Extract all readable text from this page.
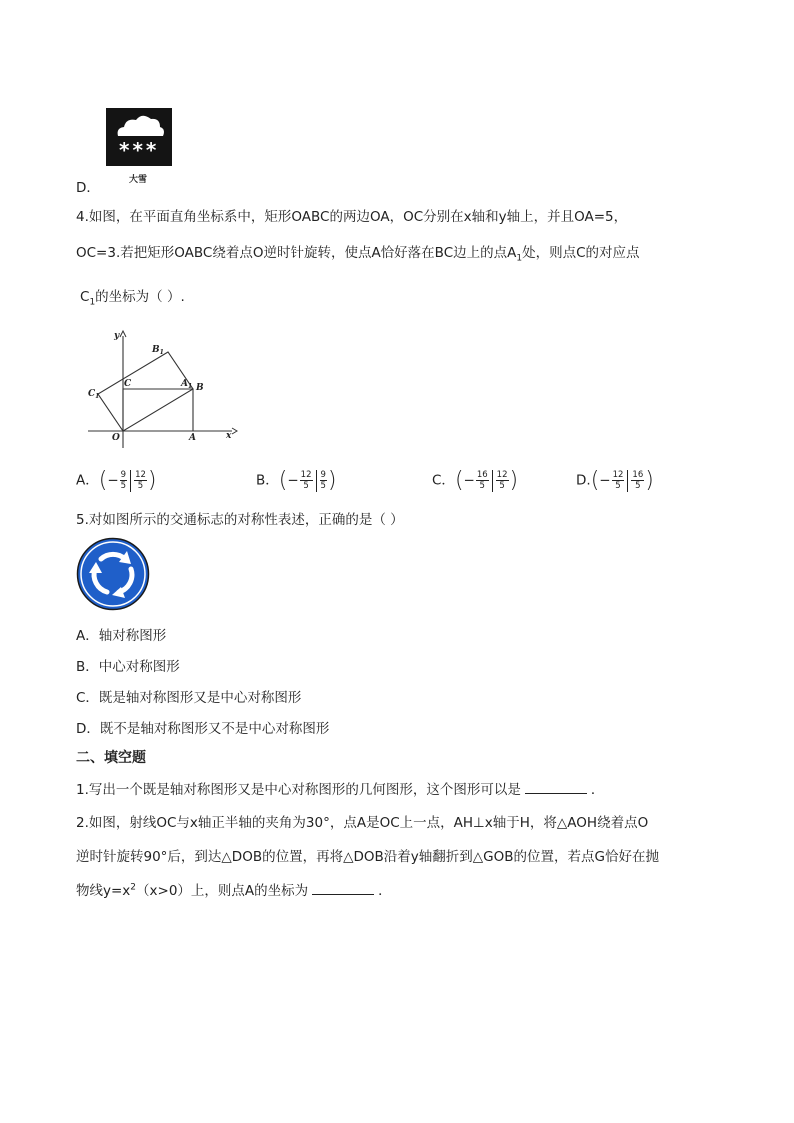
***
D．	大雪
4.如图，在平面直角坐标系中，矩形OABC的两边OA，OC分别在x轴和y轴上，并且OA=5，
OC=3.若把矩形OABC绕着点O逆时针旋转，使点A恰好落在BC边上的点$A_1$处，则点C的对应点
$C_1$的坐标为（ ）.
y
x
O	A
B
C	$A_1$
$B_1$
$C_1$
A．(− $\frac{9}{5} \frac{12}{5}$ )	B．(− $\frac{12}{5} \frac{9}{5}$ )	C．(− $\frac{16}{5} \frac{12}{5}$ )	$D.(- \frac{12}{5} \frac{16}{5}$ )
5.对如图所示的交通标志的对称性表述，正确的是（ ）
A．轴对称图形
B．中心对称图形
C．既是轴对称图形又是中心对称图形
D．既不是轴对称图形又不是中心对称图形
二、填空题
1.写出一个既是轴对称图形又是中心对称图形的几何图形，这个图形可以是	．
2.如图，射线OC与x轴正半轴的夹角为30°，点A是OC上一点，AH⊥x轴于H，将△AOH绕着点O
逆时针旋转90°后，到达△DOB的位置，再将△DOB沿着y轴翻折到△GOB的位置，若点G恰好在抛
物线$y=x^2(x>0)$上，则点A的坐标为	．
